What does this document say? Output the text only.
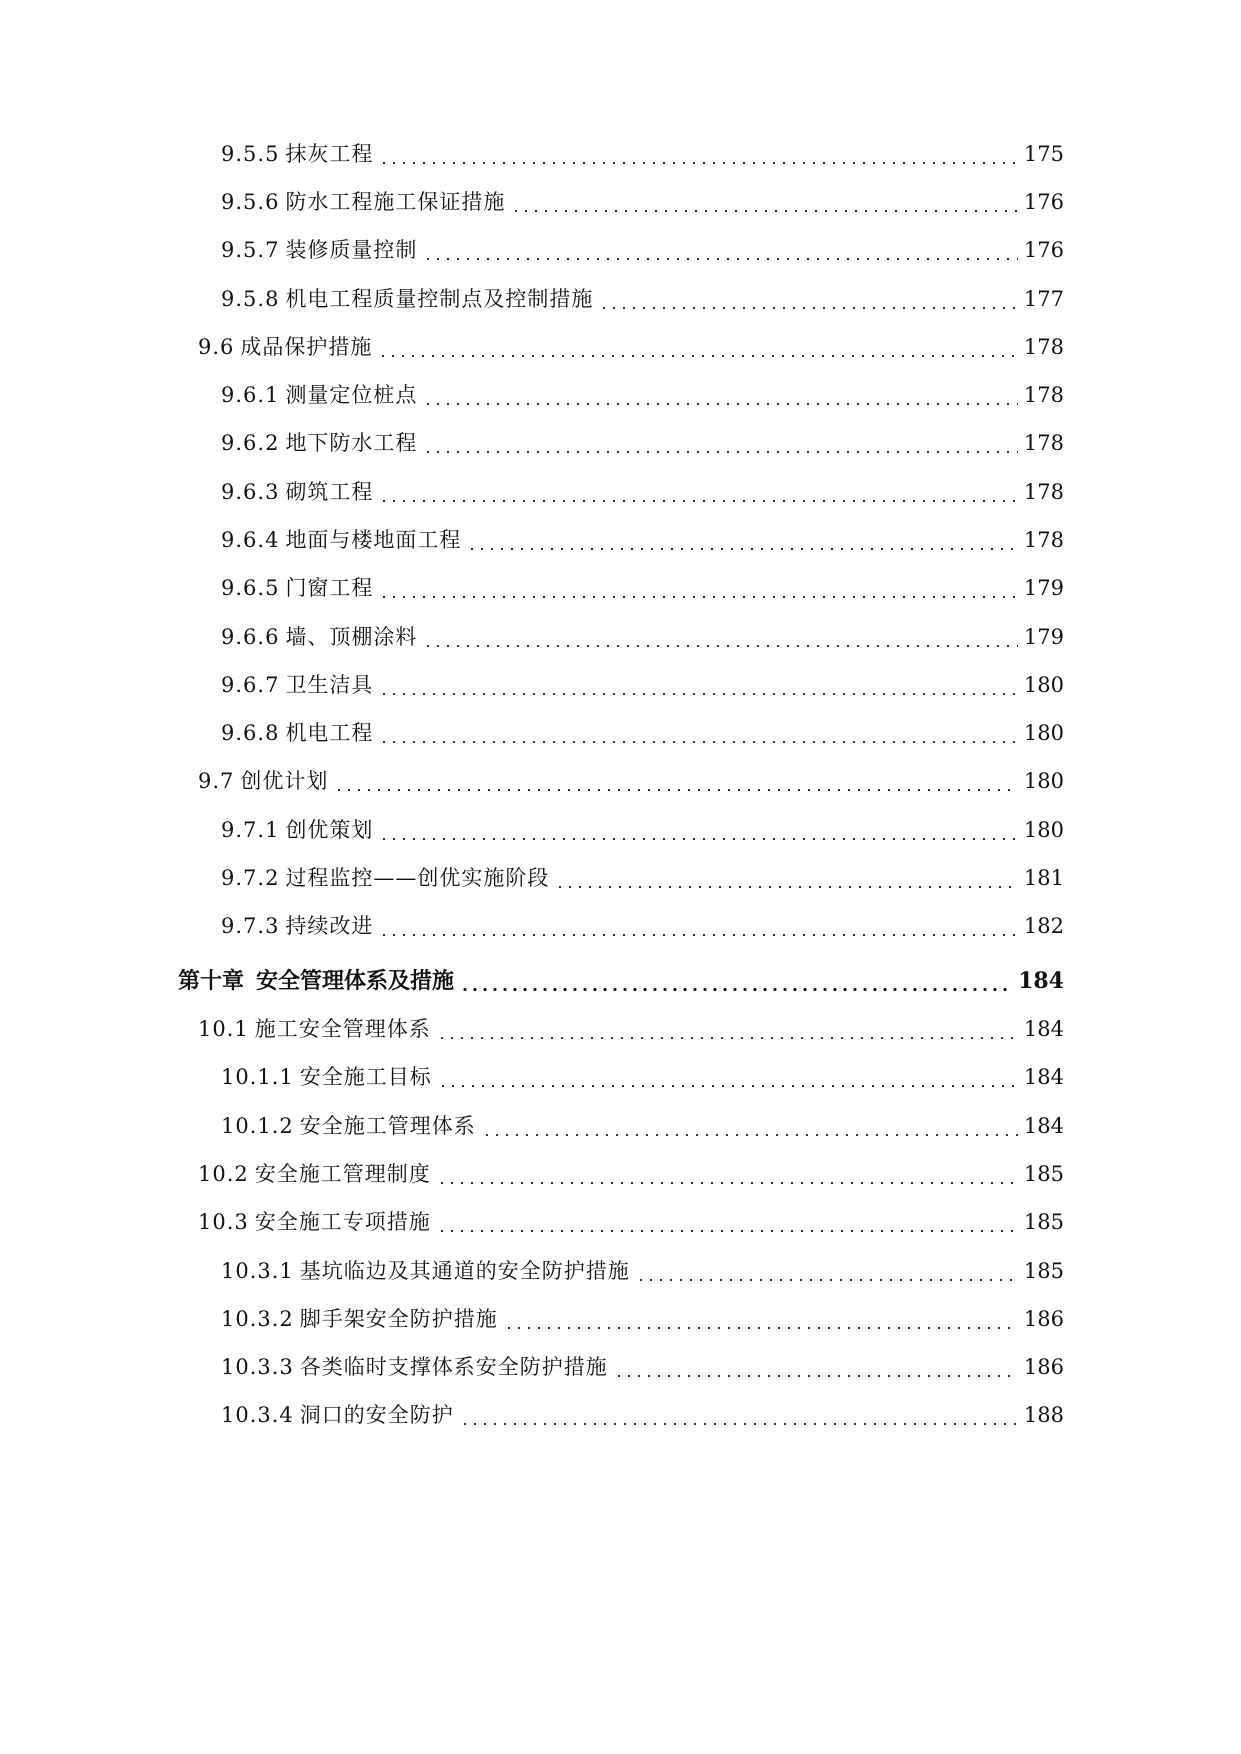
9.5.5 抹灰工程	175
9.5.6 防水工程施工保证措施	176
9.5.7 装修质量控制	176
9.5.8 机电工程质量控制点及控制措施	177
9.6 成品保护措施	178
9.6.1 测量定位桩点	178
9.6.2 地下防水工程	178
9.6.3 砌筑工程	178
9.6.4 地面与楼地面工程	178
9.6.5 门窗工程	179
9.6.6 墙、顶棚涂料	179
9.6.7 卫生洁具	180
9.6.8 机电工程	180
9.7 创优计划	180
9.7.1 创优策划	180
9.7.2 过程监控——创优实施阶段	181
9.7.3 持续改进	182
第十章 安全管理体系及措施	184
10.1 施工安全管理体系	184
10.1.1 安全施工目标	184
10.1.2 安全施工管理体系	184
10.2 安全施工管理制度	185
10.3 安全施工专项措施	185
10.3.1 基坑临边及其通道的安全防护措施	185
10.3.2 脚手架安全防护措施	186
10.3.3 各类临时支撑体系安全防护措施	186
10.3.4 洞口的安全防护	188
